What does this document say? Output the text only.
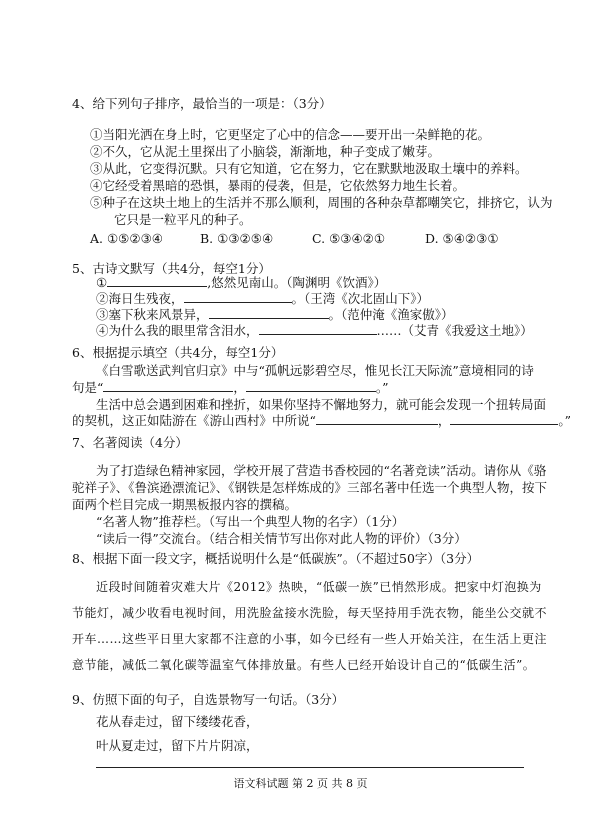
4、给下列句子排序，最恰当的一项是：（3分）
①当阳光洒在身上时，它更坚定了心中的信念——要开出一朵鲜艳的花。
②不久，它从泥土里探出了小脑袋，渐渐地，种子变成了嫩芽。
③从此，它变得沉默。只有它知道，它在努力，它在默默地汲取土壤中的养料。
④它经受着黑暗的恐惧，暴雨的侵袭，但是，它依然努力地生长着。
⑤种子在这块土地上的生活并不那么顺利，周围的各种杂草都嘲笑它，排挤它，认为
它只是一粒平凡的种子。
A. ①⑤②③④	B. ①③②⑤④	C. ⑤③④②①	D. ⑤④②③①
5、古诗文默写（共4分，每空1分）
①	,悠然见南山。（陶渊明《饮酒》）
②海日生残夜，	。（王湾《次北固山下》）
③塞下秋来风景异，	。（范仲淹《渔家傲》）
④为什么我的眼里常含泪水，	……（艾青《我爱这土地》）
6、根据提示填空（共4分，每空1分）
《白雪歌送武判官归京》中与“孤帆远影碧空尽，惟见长江天际流”意境相同的诗
句是“	，	。”
生活中总会遇到困难和挫折，如果你坚持不懈地努力，就可能会发现一个扭转局面
的契机，这正如陆游在《游山西村》中所说“	，	。”
7、名著阅读（4分）
为了打造绿色精神家园，学校开展了营造书香校园的“名著竞读”活动。请你从《骆
驼祥子》、《鲁滨逊漂流记》、《钢铁是怎样炼成的》三部名著中任选一个典型人物，按下
面两个栏目完成一期黑板报内容的撰稿。
“名著人物”推荐栏。（写出一个典型人物的名字）（1分）
“读后一得”交流台。（结合相关情节写出你对此人物的评价）（3分）
8、根据下面一段文字，概括说明什么是“低碳族”。（不超过50字）（3分）
近段时间随着灾难大片《2012》热映，“低碳一族”已悄然形成。把家中灯泡换为
节能灯，减少收看电视时间，用洗脸盆接水洗脸，每天坚持用手洗衣物，能坐公交就不
开车……这些平日里大家都不注意的小事，如今已经有一些人开始关注，在生活上更注
意节能，减低二氧化碳等温室气体排放量。有些人已经开始设计自己的“低碳生活”。
9、仿照下面的句子，自选景物写一句话。（3分）
花从春走过，留下缕缕花香，
叶从夏走过，留下片片阴凉，
语文科试题 第 2 页 共 8 页
